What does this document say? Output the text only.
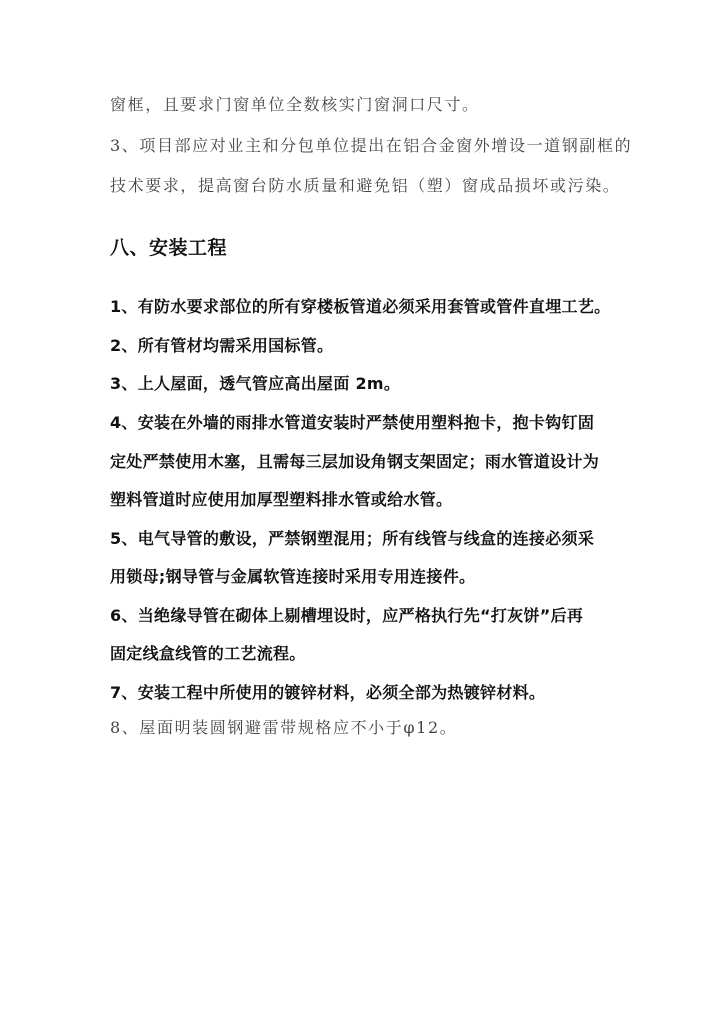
窗框，且要求门窗单位全数核实门窗洞口尺寸。
3、项目部应对业主和分包单位提出在铝合金窗外增设一道钢副框的
技术要求，提高窗台防水质量和避免铝（塑）窗成品损坏或污染。
八、安装工程
1、有防水要求部位的所有穿楼板管道必须采用套管或管件直埋工艺。
2、所有管材均需采用国标管。
3、上人屋面，透气管应高出屋面 2m。
4、安装在外墙的雨排水管道安装时严禁使用塑料抱卡，抱卡钩钉固
定处严禁使用木塞，且需每三层加设角钢支架固定；雨水管道设计为
塑料管道时应使用加厚型塑料排水管或给水管。
5、电气导管的敷设，严禁钢塑混用；所有线管与线盒的连接必须采
用锁母;钢导管与金属软管连接时采用专用连接件。
6、当绝缘导管在砌体上剔槽埋设时，应严格执行先“打灰饼”后再
固定线盒线管的工艺流程。
7、安装工程中所使用的镀锌材料，必须全部为热镀锌材料。
8、屋面明装圆钢避雷带规格应不小于φ12。
